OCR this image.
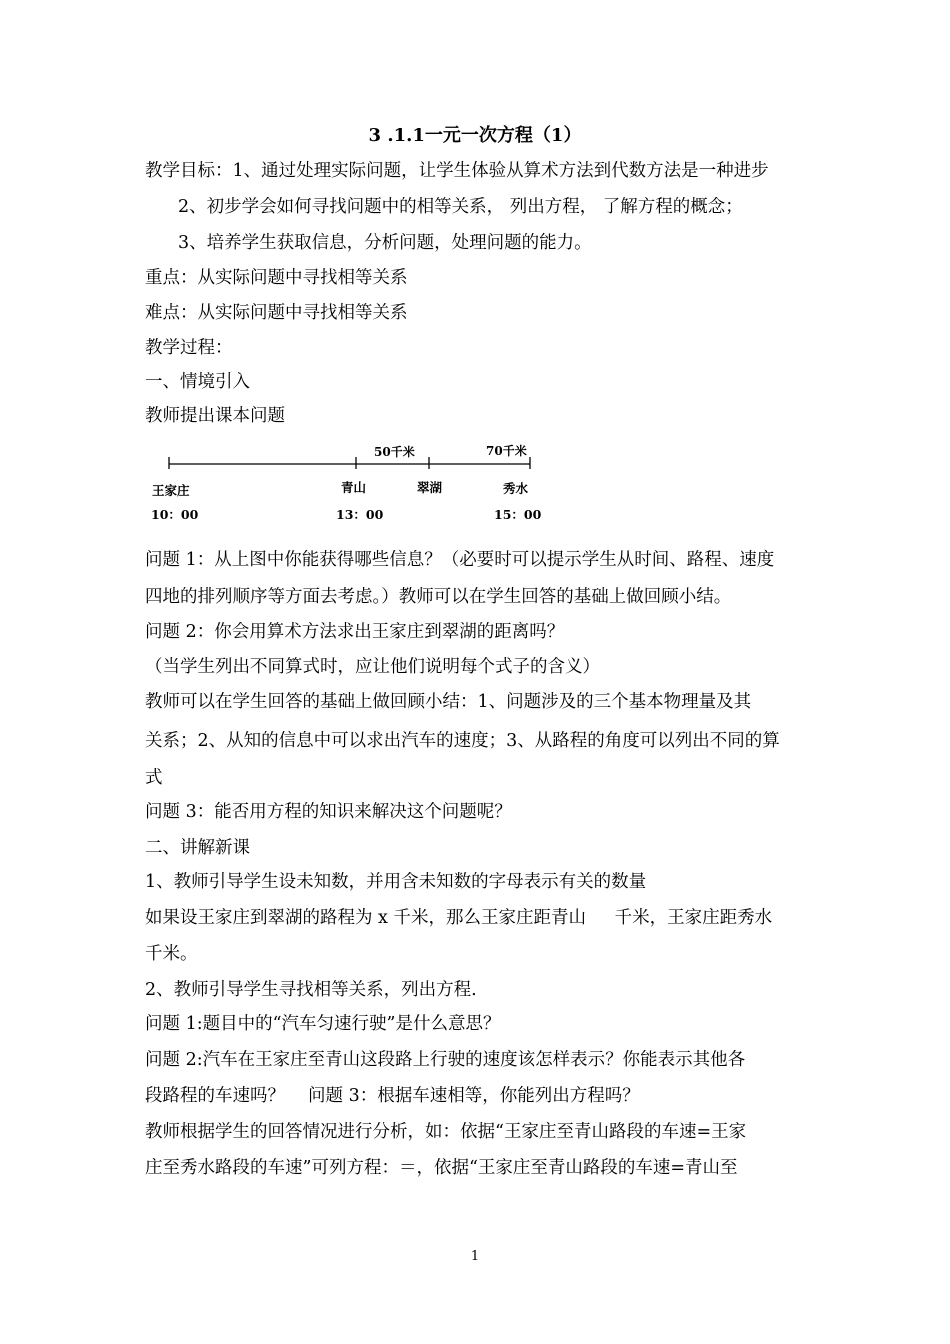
3 .1.1一元一次方程（1）
教学目标：1、通过处理实际问题，让学生体验从算术方法到代数方法是一种进步
2、初步学会如何寻找问题中的相等关系， 列出方程， 了解方程的概念；
3、培养学生获取信息，分析问题，处理问题的能力。
重点：从实际问题中寻找相等关系
难点：从实际问题中寻找相等关系
教学过程：
一、情境引入
教师提出课本问题
50千米	70千米
王家庄	青山	翠湖	秀水
10：00	13：00	15：00
问题 1：从上图中你能获得哪些信息？（必要时可以提示学生从时间、路程、速度
四地的排列顺序等方面去考虑。）教师可以在学生回答的基础上做回顾小结。
问题 2：你会用算术方法求出王家庄到翠湖的距离吗？
（当学生列出不同算式时，应让他们说明每个式子的含义）
教师可以在学生回答的基础上做回顾小结：1、问题涉及的三个基本物理量及其
关系；2、从知的信息中可以求出汽车的速度；3、从路程的角度可以列出不同的算
式
问题 3：能否用方程的知识来解决这个问题呢？
二、讲解新课
1、教师引导学生设未知数，并用含未知数的字母表示有关的数量
如果设王家庄到翠湖的路程为 x 千米，那么王家庄距青山 　 千米，王家庄距秀水
千米。
2、教师引导学生寻找相等关系，列出方程.
问题 1:题目中的“汽车匀速行驶”是什么意思？
问题 2:汽车在王家庄至青山这段路上行驶的速度该怎样表示？你能表示其他各
段路程的车速吗？ 　问题 3：根据车速相等，你能列出方程吗？
教师根据学生的回答情况进行分析，如：依据“王家庄至青山路段的车速=王家
庄至秀水路段的车速”可列方程：＝，依据“王家庄至青山路段的车速=青山至
1
